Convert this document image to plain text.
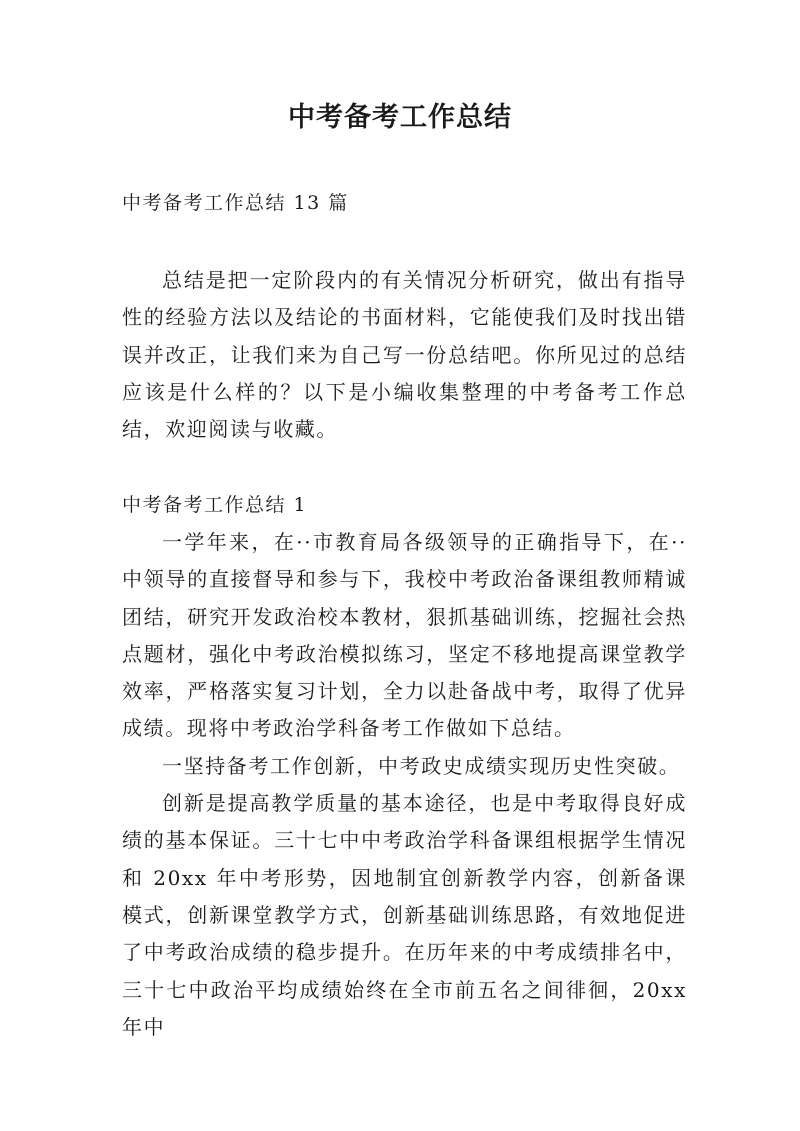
中考备考工作总结
中考备考工作总结 13 篇

总结是把一定阶段内的有关情况分析研究，做出有指导性的经验方法以及结论的书面材料，它能使我们及时找出错误并改正，让我们来为自己写一份总结吧。你所见过的总结应该是什么样的？以下是小编收集整理的中考备考工作总结，欢迎阅读与收藏。

中考备考工作总结 1

一学年来，在··市教育局各级领导的正确指导下，在··中领导的直接督导和参与下，我校中考政治备课组教师精诚团结，研究开发政治校本教材，狠抓基础训练，挖掘社会热点题材，强化中考政治模拟练习，坚定不移地提高课堂教学效率，严格落实复习计划，全力以赴备战中考，取得了优异成绩。现将中考政治学科备考工作做如下总结。

一坚持备考工作创新，中考政史成绩实现历史性突破。

创新是提高教学质量的基本途径，也是中考取得良好成绩的基本保证。三十七中中考政治学科备课组根据学生情况和 20xx 年中考形势，因地制宜创新教学内容，创新备课模式，创新课堂教学方式，创新基础训练思路，有效地促进了中考政治成绩的稳步提升。在历年来的中考成绩排名中，三十七中政治平均成绩始终在全市前五名之间徘徊，20xx 年中
